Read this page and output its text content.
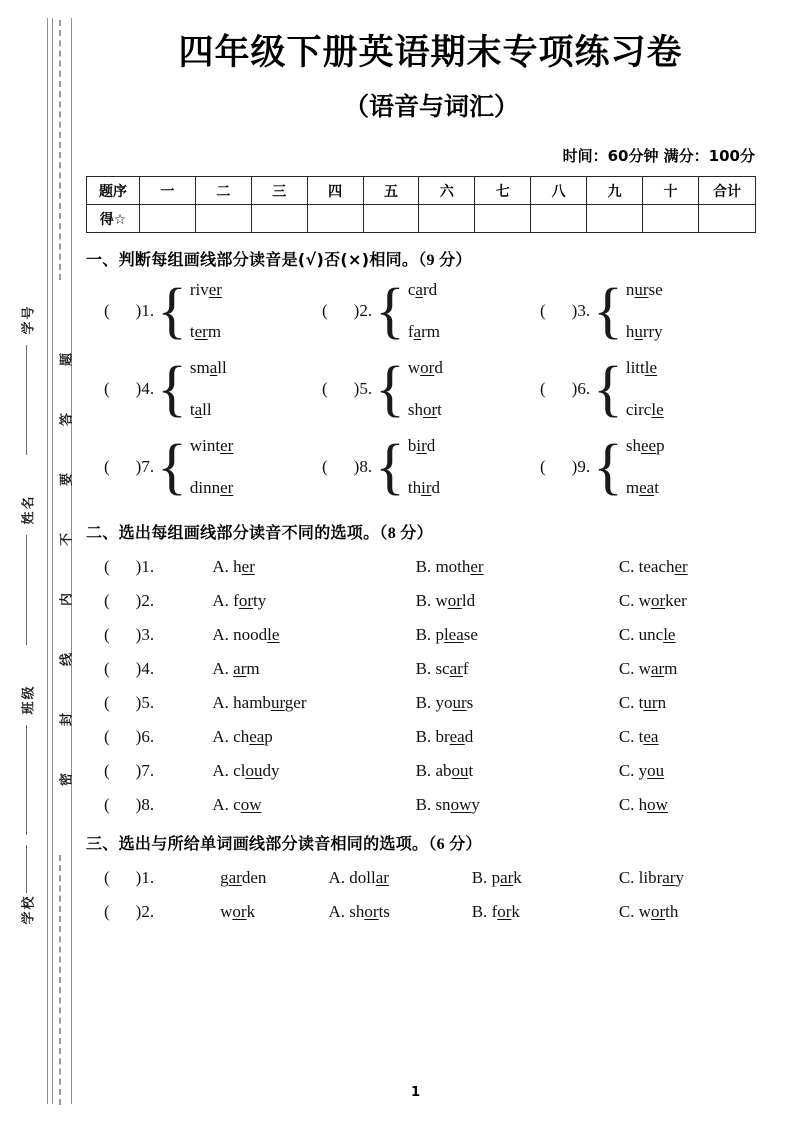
密
封
线
内
不
要
答
题
学号
姓名
班级
学校
四年级下册英语期末专项练习卷
（语音与词汇）
时间：60分钟 满分：100分
题序	一	二	三	四	五	六	七	八	九	十	合计
得☆											
一、判断每组画线部分读音是(√)否(×)相同。（9 分）
( )1. { river
term
( )2. { card
farm
( )3. { nurse
hurry
( )4. { small
tall
( )5. { word
short
( )6. { little
circle
( )7. { winter
dinner
( )8. { bird
third
( )9. { sheep
meat
二、选出每组画线部分读音不同的选项。（8 分）
( )1.	A. her	B. mother	C. teacher
( )2.	A. forty	B. world	C. worker
( )3.	A. noodle	B. please	C. uncle
( )4.	A. arm	B. scarf	C. warm
( )5.	A. hamburger	B. yours	C. turn
( )6.	A. cheap	B. bread	C. tea
( )7.	A. cloudy	B. about	C. you
( )8.	A. cow	B. snowy	C. how
三、选出与所给单词画线部分读音相同的选项。（6 分）
( )1.	garden	A. dollar	B. park	C. library
( )2.	work	A. shorts	B. fork	C. worth
1
